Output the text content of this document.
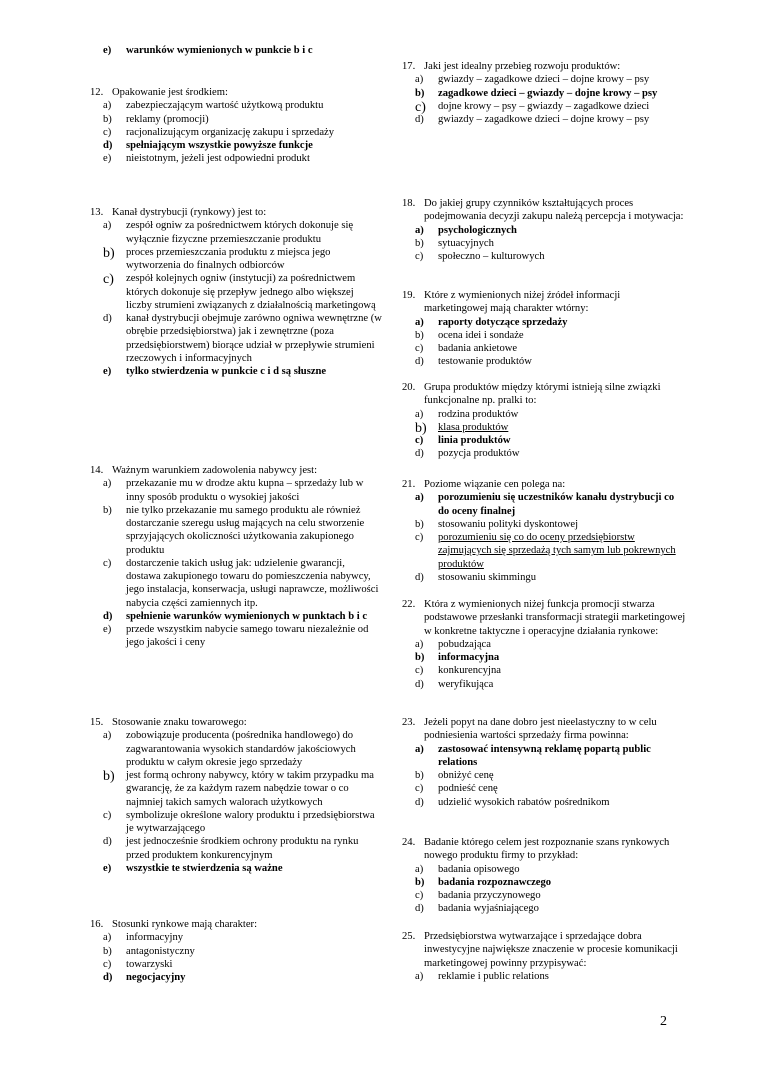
e) warunków wymienionych w punkcie b i c
12. Opakowanie jest środkiem:
a) zabezpieczającym wartość użytkową produktu
b) reklamy (promocji)
c) racjonalizującym organizację zakupu i sprzedaży
d) spełniającym wszystkie powyższe funkcje
e) nieistotnym, jeżeli jest odpowiedni produkt
13. Kanał dystrybucji (rynkowy) jest to:
a) zespół ogniw za pośrednictwem których dokonuje się wyłącznie fizyczne przemieszczanie produktu
b) proces przemieszczania produktu z miejsca jego wytworzenia do finalnych odbiorców
c) zespół kolejnych ogniw (instytucji) za pośrednictwem których dokonuje się przepływ jednego albo większej liczby strumieni związanych z działalnością marketingową
d) kanał dystrybucji obejmuje zarówno ogniwa wewnętrzne (w obrębie przedsiębiorstwa) jak i zewnętrzne (poza przedsiębiorstwem) biorące udział w przepływie strumieni rzeczowych i informacyjnych
e) tylko stwierdzenia w punkcie c i d są słuszne
14. Ważnym warunkiem zadowolenia nabywcy jest:
a) przekazanie mu w drodze aktu kupna – sprzedaży lub w inny sposób produktu o wysokiej jakości
b) nie tylko przekazanie mu samego produktu ale również dostarczanie szeregu usług mających na celu stworzenie sprzyjających okoliczności użytkowania zakupionego produktu
c) dostarczenie takich usług jak: udzielenie gwarancji, dostawa zakupionego towaru do pomieszczenia nabywcy, jego instalacja, konserwacja, usługi naprawcze, możliwości nabycia części zamiennych itp.
d) spełnienie warunków wymienionych w punktach b i c
e) przede wszystkim nabycie samego towaru niezależnie od jego jakości i ceny
15. Stosowanie znaku towarowego:
a) zobowiązuje producenta (pośrednika handlowego) do zagwarantowania wysokich standardów jakościowych produktu w całym okresie jego sprzedaży
b) jest formą ochrony nabywcy, który w takim przypadku ma gwarancję, że za każdym razem nabędzie towar o co najmniej takich samych walorach użytkowych
c) symbolizuje określone walory produktu i przedsiębiorstwa je wytwarzającego
d) jest jednocześnie środkiem ochrony produktu na rynku przed produktem konkurencyjnym
e) wszystkie te stwierdzenia są ważne
16. Stosunki rynkowe mają charakter:
a) informacyjny
b) antagonistyczny
c) towarzyski
d) negocjacyjny
17. Jaki jest idealny przebieg rozwoju produktów:
a) gwiazdy – zagadkowe dzieci – dojne krowy – psy
b) zagadkowe dzieci – gwiazdy – dojne krowy – psy
c) dojne krowy – psy – gwiazdy – zagadkowe dzieci
d) gwiazdy – zagadkowe dzieci – dojne krowy – psy
18. Do jakiej grupy czynników kształtujących proces podejmowania decyzji zakupu należą percepcja i motywacja:
a) psychologicznych
b) sytuacyjnych
c) społeczno – kulturowych
19. Które z wymienionych niżej źródeł informacji marketingowej mają charakter wtórny:
a) raporty dotyczące sprzedaży
b) ocena idei i sondaże
c) badania ankietowe
d) testowanie produktów
20. Grupa produktów między którymi istnieją silne związki funkcjonalne np. pralki to:
a) rodzina produktów
b) klasa produktów
c) linia produktów
d) pozycja produktów
21. Poziome wiązanie cen polega na:
a) porozumieniu się uczestników kanału dystrybucji co do oceny finalnej
b) stosowaniu polityki dyskontowej
c) porozumieniu się co do oceny przedsiębiorstw zajmujących się sprzedażą tych samym lub pokrewnych produktów
d) stosowaniu skimmingu
22. Która z wymienionych niżej funkcja promocji stwarza podstawowe przesłanki transformacji strategii marketingowej w konkretne taktyczne i operacyjne działania rynkowe:
a) pobudzająca
b) informacyjna
c) konkurencyjna
d) weryfikująca
23. Jeżeli popyt na dane dobro jest nieelastyczny to w celu podniesienia wartości sprzedaży firma powinna:
a) zastosować intensywną reklamę popartą public relations
b) obniżyć cenę
c) podnieść cenę
d) udzielić wysokich rabatów pośrednikom
24. Badanie którego celem jest rozpoznanie szans rynkowych nowego produktu firmy to przykład:
a) badania opisowego
b) badania rozpoznawczego
c) badania przyczynowego
d) badania wyjaśniającego
25. Przedsiębiorstwa wytwarzające i sprzedające dobra inwestycyjne największe znaczenie w procesie komunikacji marketingowej powinny przypisywać:
a) reklamie i public relations
2
